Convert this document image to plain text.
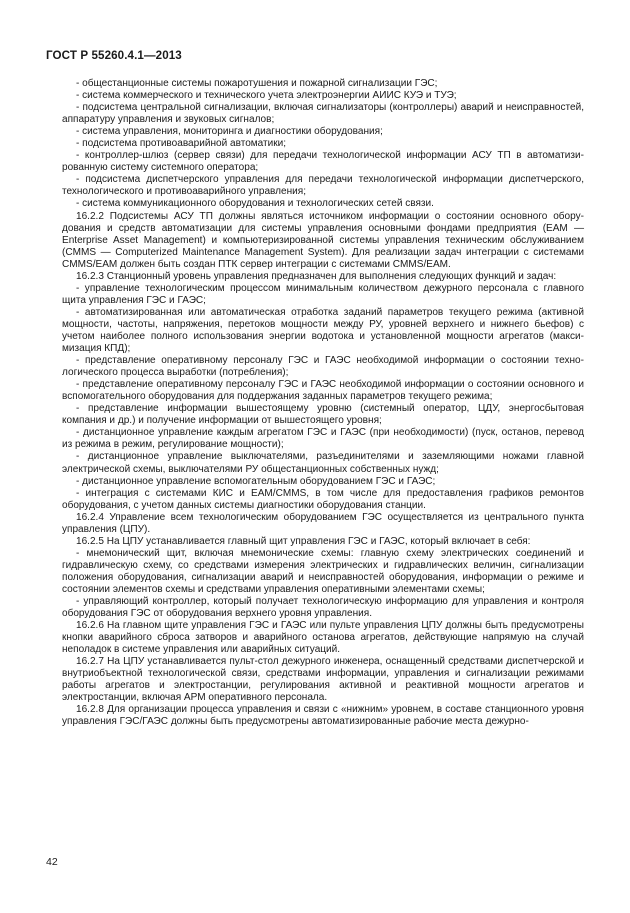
ГОСТ Р 55260.4.1—2013

- общестанционные системы пожаротушения и пожарной сигнализации ГЭС;

- система коммерческого и технического учета электроэнергии АИИС КУЭ и ТУЭ;

- подсистема центральной сигнализации, включая сигнализаторы (контроллеры) аварий и неисправностей, аппаратуру управления и звуковых сигналов;

- система управления, мониторинга и диагностики оборудования;

- подсистема противоаварийной автоматики;

- контроллер-шлюз (сервер связи) для передачи технологической информации АСУ ТП в автоматизированную систему системного оператора;

- подсистема диспетчерского управления для передачи технологической информации диспетчерского, технологического и противоаварийного управления;

- система коммуникационного оборудования и технологических сетей связи.

16.2.2 Подсистемы АСУ ТП должны являться источником информации о состоянии основного оборудования и средств автоматизации для системы управления основными фондами предприятия (ЕАМ — Enterprise Asset Management) и компьютеризированной системы управления техническим обслуживанием (CMMS — Computerized Maintenance Management System). Для реализации задач интеграции с системами CMMS/EAM должен быть создан ПТК сервер интеграции с системами CMMS/EAM.

16.2.3 Станционный уровень управления предназначен для выполнения следующих функций и задач:

- управление технологическим процессом минимальным количеством дежурного персонала с главного щита управления ГЭС и ГАЭС;

- автоматизированная или автоматическая отработка заданий параметров текущего режима (активной мощности, частоты, напряжения, перетоков мощности между РУ, уровней верхнего и нижнего бьефов) с учетом наиболее полного использования энергии водотока и установленной мощности агрегатов (максимизация КПД);

- представление оперативному персоналу ГЭС и ГАЭС необходимой информации о состоянии технологического процесса выработки (потребления);

- представление оперативному персоналу ГЭС и ГАЭС необходимой информации о состоянии основного и вспомогательного оборудования для поддержания заданных параметров текущего режима;

- представление информации вышестоящему уровню (системный оператор, ЦДУ, энергосбытовая компания и др.) и получение информации от вышестоящего уровня;

- дистанционное управление каждым агрегатом ГЭС и ГАЭС (при необходимости) (пуск, останов, перевод из режима в режим, регулирование мощности);

- дистанционное управление выключателями, разъединителями и заземляющими ножами главной электрической схемы, выключателями РУ общестанционных собственных нужд;

- дистанционное управление вспомогательным оборудованием ГЭС и ГАЭС;

- интеграция с системами КИС и EAM/CMMS, в том числе для предоставления графиков ремонтов оборудования, с учетом данных системы диагностики оборудования станции.

16.2.4 Управление всем технологическим оборудованием ГЭС осуществляется из центрального пункта управления (ЦПУ).

16.2.5 На ЦПУ устанавливается главный щит управления ГЭС и ГАЭС, который включает в себя:

- мнемонический щит, включая мнемонические схемы: главную схему электрических соединений и гидравлическую схему, со средствами измерения электрических и гидравлических величин, сигнализации положения оборудования, сигнализации аварий и неисправностей оборудования, информации о режиме и состоянии элементов схемы и средствами управления оперативными элементами схемы;

- управляющий контроллер, который получает технологическую информацию для управления и контроля оборудования ГЭС от оборудования верхнего уровня управления.

16.2.6 На главном щите управления ГЭС и ГАЭС или пульте управления ЦПУ должны быть предусмотрены кнопки аварийного сброса затворов и аварийного останова агрегатов, действующие напрямую на случай неполадок в системе управления или аварийных ситуаций.

16.2.7 На ЦПУ устанавливается пульт-стол дежурного инженера, оснащенный средствами диспетчерской и внутриобъектной технологической связи, средствами информации, управления и сигнализации режимами работы агрегатов и электростанции, регулирования активной и реактивной мощности агрегатов и электростанции, включая АРМ оперативного персонала.

16.2.8 Для организации процесса управления и связи с «нижним» уровнем, в составе станционного уровня управления ГЭС/ГАЭС должны быть предусмотрены автоматизированные рабочие места дежурно-

42
